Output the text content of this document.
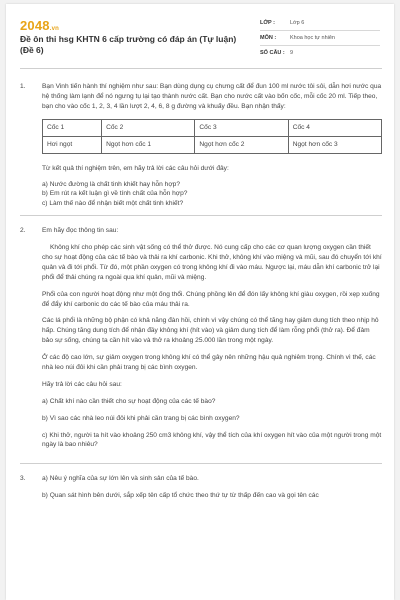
2048.vn
Đề ôn thi hsg KHTN 6 cấp trường có đáp án (Tự luận) (Đề 6)
LỚP :	Lớp 6
MÔN :	Khoa học tự nhiên
SỐ CÂU : 9
1.	Bạn Vinh tiến hành thí nghiệm như sau: Bạn dùng dụng cụ chưng cất để đun 100 ml nước tôi sôi, dẫn hơi nước qua hệ thống làm lạnh để nó ngưng tụ lại tạo thành nước cất. Bạn cho nước cất vào bốn cốc, mỗi cốc 20 ml. Tiếp theo, bạn cho vào cốc 1, 2, 3, 4 lần lượt 2, 4, 6, 8 g đường và khuấy đều. Bạn nhận thấy:

Cốc 1	Cốc 2	Cốc 3	Cốc 4
Hơi ngọt	Ngọt hơn cốc 1	Ngọt hơn cốc 2	Ngọt hơn cốc 3
Từ kết quả thí nghiệm trên, em hãy trả lời các câu hỏi dưới đây:
a) Nước đường là chất tinh khiết hay hỗn hợp?
b) Em rút ra kết luận gì về tính chất của hỗn hợp?
c) Làm thế nào để nhận biết một chất tinh khiết?
2.	Em hãy đọc thông tin sau:

Không khí cho phép các sinh vật sống có thể thở được. Nó cung cấp cho các cơ quan lượng oxygen cần thiết cho sự hoạt động của các tế bào và thải ra khí carbonic. Khi thở, không khí vào miệng và mũi, sau đó chuyển tới khí quản và đi tới phổi. Từ đó, một phần oxygen có trong không khí đi vào máu. Ngược lại, máu dẫn khí carbonic trở lại phổi để thải chúng ra ngoài qua khí quản, mũi và miệng.

Phổi của con người hoạt động như một ống thổi. Chúng phồng lên để đón lấy không khí giàu oxygen, rồi xẹp xuống để đẩy khí carbonic do các tế bào của máu thải ra.

Các lá phổi là những bộ phận có khả năng đàn hồi, chính vì vậy chúng có thể tăng hay giảm dung tích theo nhịp hô hấp. Chúng tăng dung tích để nhận đầy không khí (hít vào) và giảm dung tích để làm rỗng phổi (thở ra). Để đảm bảo sự sống, chúng ta cần hít vào và thở ra khoảng 25.000 lần trong một ngày.

Ở các độ cao lớn, sự giảm oxygen trong không khí có thể gây nên những hậu quả nghiêm trọng. Chính vì thế, các nhà leo núi đôi khi cần phải trang bị các bình oxygen.

Hãy trả lời các câu hỏi sau:

a) Chất khí nào cần thiết cho sự hoạt động của các tế bào?

b) Vì sao các nhà leo núi đôi khi phải cần trang bị các bình oxygen?

c) Khi thở, người ta hít vào khoảng 250 cm3 không khí, vậy thể tích của khí oxygen hít vào của một người trong một ngày là bao nhiêu?

3.	a) Nêu ý nghĩa của sự lớn lên và sinh sản của tế bào.

b) Quan sát hình bên dưới, sắp xếp tên cấp tổ chức theo thứ tự từ thấp đến cao và gọi tên các
